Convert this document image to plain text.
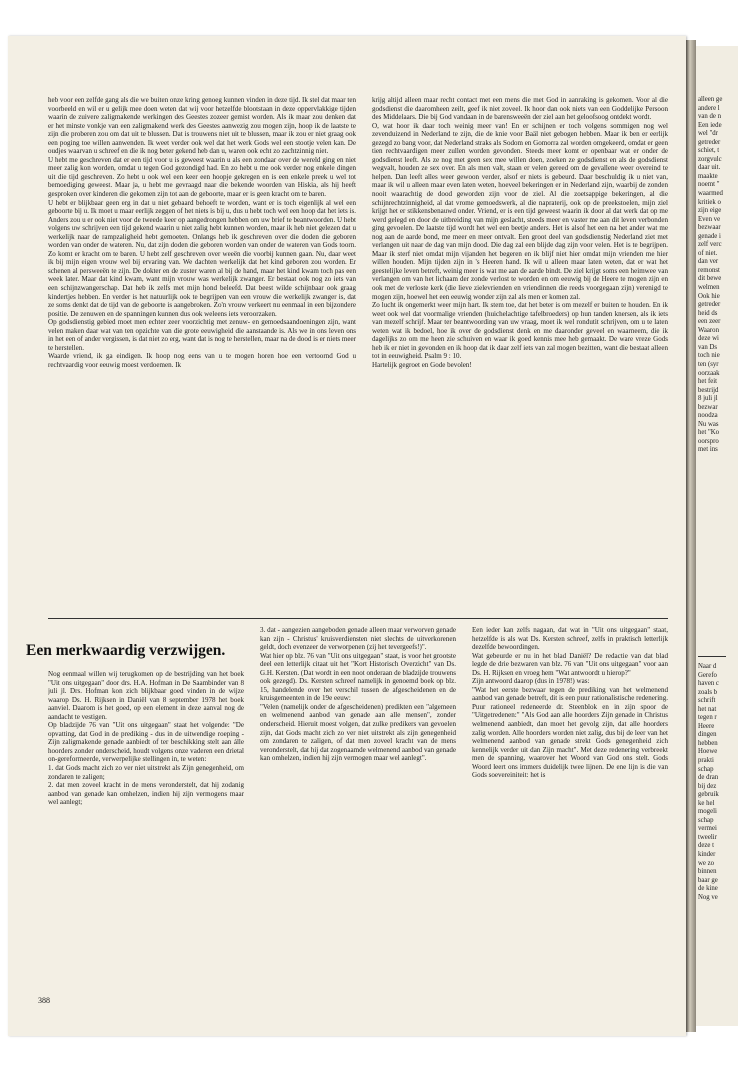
heb voor een zelfde gang als die we buiten onze kring genoeg kunnen vinden in deze tijd. Ik stel dat maar ten voorbeeld en wil er u gelijk mee doen weten dat wij voor hetzelfde blootstaan in deze oppervlakkige tijden waarin de zuivere zaligmakende werkingen des Geestes zozeer gemist worden. Als ik maar zou denken dat er het minste vonkje van een zaligmakend werk des Geestes aanwezig zou mogen zijn, hoop ik de laatste te zijn die proberen zou om dat uit te blussen. Dat is trouwens niet uit te blussen, maar ik zou er niet graag ook een poging toe willen aanwenden. Ik weet verder ook wel dat het werk Gods wel een stootje velen kan. De oudjes waarvan u schreef en die ik nog beter gekend heb dan u, waren ook echt zo zachtzinnig niet.

U hebt me geschreven dat er een tijd voor u is geweest waarin u als een zondaar over de wereld ging en niet meer zalig kon worden, omdat u tegen God gezondigd had. En zo hebt u me ook verder nog enkele dingen uit die tijd geschreven. Zo hebt u ook wel een keer een hoopje gekregen en is een enkele preek u wel tot bemoediging geweest. Maar ja, u hebt me gevraagd naar die bekende woorden van Hiskia, als hij heeft gesproken over kinderen die gekomen zijn tot aan de geboorte, maar er is geen kracht om te baren.

U hebt er blijkbaar geen erg in dat u niet gebaard behoeft te worden, want er is toch eigenlijk al wel een geboorte bij u. Ik moet u maar eerlijk zeggen of het niets is bij u, dus u hebt toch wel een hoop dat het iets is. Anders zou u er ook niet voor de tweede keer op aangedrongen hebben om uw brief te beantwoorden. U hebt volgens uw schrijven een tijd gekend waarin u niet zalig hebt kunnen worden, maar ik heb niet gelezen dat u werkelijk naar de rampzaligheid hebt gemoeten. Onlangs heb ik geschreven over die doden die geboren worden van onder de wateren. Nu, dat zijn doden die geboren worden van onder de wateren van Gods toorn. Zo komt er kracht om te baren. U hebt zelf geschreven over weeën die voorbij kunnen gaan. Nu, daar weet ik bij mijn eigen vrouw wel bij ervaring van. We dachten werkelijk dat het kind geboren zou worden. Er schenen al persweeën te zijn. De dokter en de zuster waren al bij de hand, maar het kind kwam toch pas een week later. Maar dat kind kwam, want mijn vrouw was werkelijk zwanger. Er bestaat ook nog zo iets van een schijnzwangerschap. Dat heb ik zelfs met mijn hond beleefd. Dat beest wilde schijnbaar ook graag kindertjes hebben. En verder is het natuurlijk ook te begrijpen van een vrouw die werkelijk zwanger is, dat ze soms denkt dat de tijd van de geboorte is aangebroken. Zo'n vrouw verkeert nu eenmaal in een bijzondere positie. De zenuwen en de spanningen kunnen dus ook weleens iets veroorzaken.

Op godsdienstig gebied moet men echter zeer voorzichtig met zenuw- en gemoedsaandoeningen zijn, want velen maken daar wat van ten opzichte van die grote eeuwigheid die aanstaande is. Als we in ons leven ons in het een of ander vergissen, is dat niet zo erg, want dat is nog te herstellen, maar na de dood is er niets meer te herstellen.

Waarde vriend, ik ga eindigen. Ik hoop nog eens van u te mogen horen hoe een vertoornd God u rechtvaardig voor eeuwig moest verdoemen. Ik

krijg altijd alleen maar recht contact met een mens die met God in aanraking is gekomen. Voor al die godsdienst die daaromheen zeilt, geef ik niet zoveel. Ik hoor dan ook niets van een Goddelijke Persoon des Middelaars. Die bij God vandaan in de barensweeën der ziel aan het geloofsoog ontdekt wordt.

O, wat hoor ik daar toch weinig meer van! En er schijnen er toch volgens sommigen nog wel zevenduizend in Nederland te zijn, die de knie voor Baäl niet gebogen hebben. Maar ik ben er eerlijk gezegd zo bang voor, dat Nederland straks als Sodom en Gomorra zal worden omgekeerd, omdat er geen tien rechtvaardigen meer zullen worden gevonden. Steeds meer komt er openbaar wat er onder de godsdienst leeft. Als ze nog met geen sex mee willen doen, zoeken ze godsdienst en als de godsdienst wegvalt, houden ze sex over. En als men valt, staan er velen gereed om de gevallene weer overeind te helpen. Dan leeft alles weer gewoon verder, alsof er niets is gebeurd. Daar beschuldig ik u niet van, maar ik wil u alleen maar even laten weten, hoeveel bekeringen er in Nederland zijn, waarbij de zonden nooit waarachtig de dood geworden zijn voor de ziel. Al die zoetsappige bekeringen, al die schijnrechtzinnigheid, al dat vrome gemoedswerk, al die napraterij, ook op de preekstoelen, mijn ziel krijgt het er stikkensbenauwd onder. Vriend, er is een tijd geweest waarin ik door al dat werk dat op me werd gelegd en door de uitbreiding van mijn geslacht, steeds meer en vaster me aan dit leven verbonden ging gevoelen. De laatste tijd wordt het wel een beetje anders. Het is alsof het een na het ander wat me nog aan de aarde bond, me meer en meer ontvalt. Een groot deel van godsdienstig Nederland ziet met verlangen uit naar de dag van mijn dood. Die dag zal een blijde dag zijn voor velen. Het is te begrijpen. Maar ik sterf niet omdat mijn vijanden het begeren en ik blijf niet hier omdat mijn vrienden me hier willen houden. Mijn tijden zijn in 's Heeren hand. Ik wil u alleen maar laten weten, dat er wat het geestelijke leven betreft, weinig meer is wat me aan de aarde bindt. De ziel krijgt soms een heimwee van verlangen om van het lichaam der zonde verlost te worden en om eeuwig bij de Heere te mogen zijn en ook met de verloste kerk (die lieve zielevrienden en vriendinnen die reeds voorgegaan zijn) verenigd te mogen zijn, hoewel het een eeuwig wonder zijn zal als men er komen zal.

Zo lucht ik ongemerkt weer mijn hart. Ik stem toe, dat het beter is om mezelf er buiten te houden. En ik weet ook wel dat voormalige vrienden (huichelachtige tafelbroeders) op hun tanden knersen, als ik iets van mezelf schrijf. Maar ter beantwoording van uw vraag, moet ik wel rondutit schrijven, om u te laten weten wat ik bedoel, hoe ik over de godsdienst denk en me daaronder geveel en waarneem, die ik dagelijks zo om me heen zie schuiven en waar ik goed kennis mee heb gemaakt. De ware vreze Gods heb ik er niet in gevonden en ik hoop dat ik daar zelf iets van zal mogen bezitten, want die bestaat alleen tot in eeuwigheid. Psalm 9 : 10.

Hartelijk gegroet en Gode bevolen!

Een merkwaardig verzwijgen.

Nog eenmaal willen wij terugkomen op de bestrijding van het boek "Uit ons uitgegaan" door drs. H.A. Hofman in De Saambinder van 8 juli jl. Drs. Hofman kon zich blijkbaar goed vinden in de wijze waarop Ds. H. Rijksen in Daniël van 8 september 1978 het boek aanviel. Daarom is het goed, op een element in deze aanval nog de aandacht te vestigen.

Op bladzijde 76 van "Uit ons uitgegaan" staat het volgende: "De opvatting, dat God in de prediking - dus in de uitwendige roeping - Zijn zaligmakende genade aanbiedt of ter beschikking stelt aan álle hoorders zonder onderscheid, houdt volgens onze vaderen een drietal on-gereformeerde, verwerpelijke stellingen in, te weten:

1. dat Gods macht zich zo ver niet uitstrekt als Zijn genegenheid, om zondaren te zaligen;

2. dat men zoveel kracht in de mens veronderstelt, dat hij zodanig aanbod van genade kan omhelzen, indien hij zijn vermogens maar wel aanlegt;

3. dat - aangezien aangeboden genade alleen maar verworven genade kan zijn - Christus' kruisverdiensten niet slechts de uitverkorenen geldt, doch evenzeer de verworpenen (zij het tevergeefs!)".

Wat hier op blz. 76 van "Uit ons uitgegaan" staat, is voor het grootste deel een letterlijk citaat uit het "Kort Historisch Overzicht" van Ds. G.H. Kersten. (Dat wordt in een noot onderaan de bladzijde trouwens ook gezegd). Ds. Kersten schreef namelijk in genoemd boek op blz. 15, handelende over het verschil tussen de afgescheidenen en de kruisgemeenten in de 19e eeuw:

"Velen (namelijk onder de afgescheidenen) predikten een "algemeen en welmenend aanbod van genade aan alle mensen", zonder onderscheid. Hieruit moest volgen, dat zulke predikers van gevoelen zijn, dat Gods macht zich zo ver niet uitstrekt als zijn genegenheid om zondaren te zaligen, of dat men zoveel kracht van de mens veronderstelt, dat hij dat zogenaamde welmenend aanbod van genade kan omhelzen, indien hij zijn vermogen maar wel aanlegt".

Een ieder kan zelfs nagaan, dat wat in "Uit ons uitgegaan" staat, hetzelfde is als wat Ds. Kersten schreef, zelfs in praktisch letterlijk dezelfde bewoordingen.

Wat gebeurde er nu in het blad Daniël? De redactie van dat blad legde de drie bezwaren van blz. 76 van "Uit ons uitgegaan" voor aan Ds. H. Rijksen en vroeg hem "Wat antwoordt u hierop?"

Zijn antwoord daarop (dus in 1978!) was:

"Wat het eerste bezwaar tegen de prediking van het welmenend aanbod van genade betreft, dit is een puur rationalistische redenering. Puur rationeel redeneerde dr. Steenblok en in zijn spoor de "Uitgetredenen:" "Als God aan alle hoorders Zijn genade in Christus welmenend aanbiedt, dan moet het gevolg zijn, dat alle hoorders zalig worden. Alle hoorders worden niet zalig, dus bij de leer van het welmenend aanbod van genade strekt Gods genegenheid zich kennelijk verder uit dan Zijn macht". Met deze redenering verbreekt men de spanning, waarover het Woord van God ons stelt. Gods Woord leert ons immers duidelijk twee lijnen. De ene lijn is die van Gods soevereiniteit: het is

388

alleen ge

andere l

van de n

Een iede

wel "dr

getreder

schiet, t

zorgvulc

daar uit.

maakte

noemt "

waarmed

kritiek o

zijn eige

Even ve

bezwaar

genade i

zelf verc

of niet.

dan ver

remonst

dit bewe

welmen

Ook hie

getreder

heid ds

een zeer

Waaron

deze wi

van Ds

toch nie

ten (syr

oorzaak

het feit

bestrijd

8 juli jl

bezwar

noodza

Nu was

het "Ko

oorspro

met ins

Naar d

Gerefo

haven c

zoals b

schrift

het nat

tegen r

Heere

dingen

hebben

Hoewe

prakti

schap

de dran

bij dez

gebruik

ke hel

mogeli

schap

vermei

tweelir

deze t

kinder

we zo

binnen

baar ge

de kine

Nog ve
